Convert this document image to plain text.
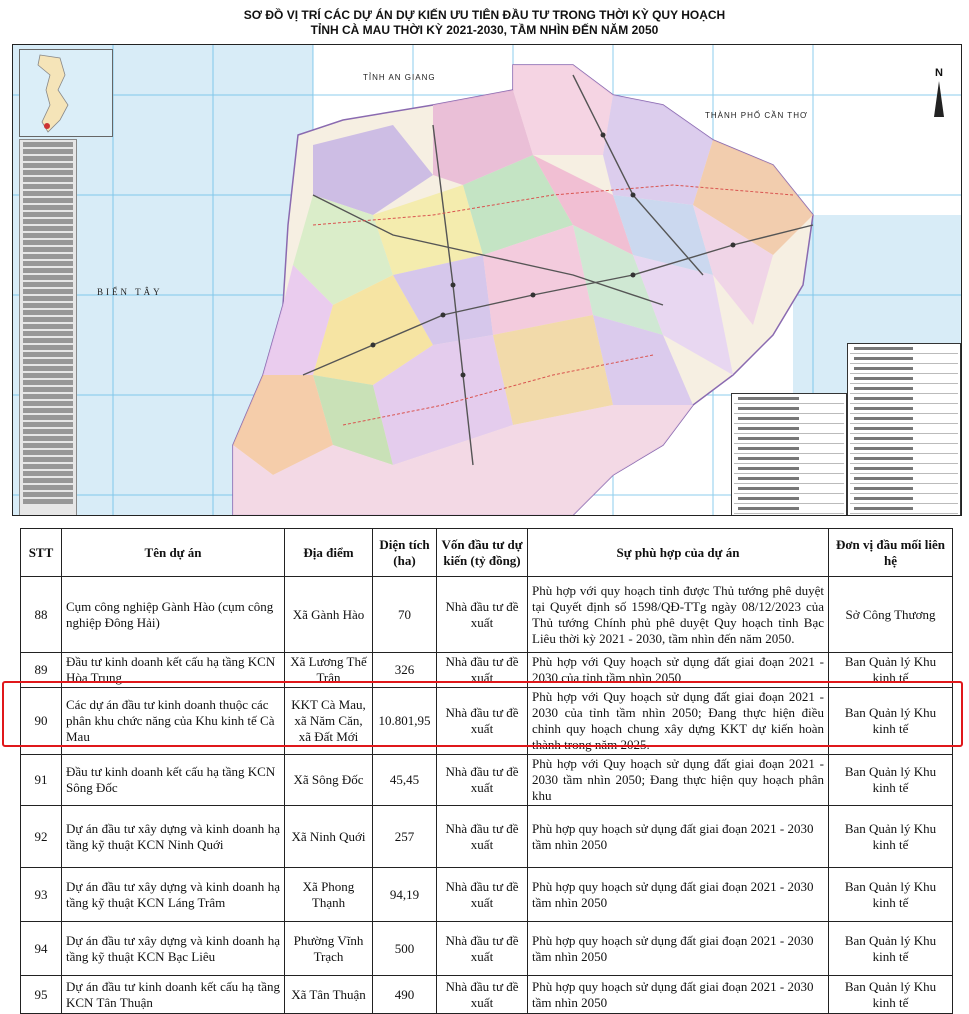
SƠ ĐỒ VỊ TRÍ CÁC DỰ ÁN DỰ KIẾN ƯU TIÊN ĐẦU TƯ TRONG THỜI KỲ QUY HOẠCH
TỈNH CÀ MAU THỜI KỲ 2021-2030, TẦM NHÌN ĐẾN NĂM 2050
TỈNH AN GIANG
THÀNH PHỐ CẦN THƠ
BIỂN TÂY
N
STT	Tên dự án	Địa điểm	Diện tích (ha)	Vốn đầu tư dự kiến (tỷ đồng)	Sự phù hợp của dự án	Đơn vị đầu mối liên hệ
88	Cụm công nghiệp Gành Hào (cụm công nghiệp Đông Hải)	Xã Gành Hào	70	Nhà đầu tư đề xuất	Phù hợp với quy hoạch tỉnh được Thủ tướng phê duyệt tại Quyết định số 1598/QĐ-TTg ngày 08/12/2023 của Thủ tướng Chính phủ phê duyệt Quy hoạch tỉnh Bạc Liêu thời kỳ 2021 - 2030, tầm nhìn đến năm 2050.	Sở Công Thương
89	Đầu tư kinh doanh kết cấu hạ tầng KCN Hòa Trung	Xã Lương Thế Trân	326	Nhà đầu tư đề xuất	Phù hợp với Quy hoạch sử dụng đất giai đoạn 2021 - 2030 của tỉnh tầm nhìn 2050	Ban Quản lý Khu kinh tế
90	Các dự án đầu tư kinh doanh thuộc các phân khu chức năng của Khu kinh tế Cà Mau	KKT Cà Mau, xã Năm Căn, xã Đất Mới	10.801,95	Nhà đầu tư đề xuất	Phù hợp với Quy hoạch sử dụng đất giai đoạn 2021 - 2030 của tỉnh tầm nhìn 2050; Đang thực hiện điều chỉnh quy hoạch chung xây dựng KKT dự kiến hoàn thành trong năm 2025.	Ban Quản lý Khu kinh tế
91	Đầu tư kinh doanh kết cấu hạ tầng KCN Sông Đốc	Xã Sông Đốc	45,45	Nhà đầu tư đề xuất	Phù hợp với Quy hoạch sử dụng đất giai đoạn 2021 - 2030 tầm nhìn 2050; Đang thực hiện quy hoạch phân khu	Ban Quản lý Khu kinh tế
92	Dự án đầu tư xây dựng và kinh doanh hạ tầng kỹ thuật KCN Ninh Quới	Xã Ninh Quới	257	Nhà đầu tư đề xuất	Phù hợp quy hoạch sử dụng đất giai đoạn 2021 - 2030 tầm nhìn 2050	Ban Quản lý Khu kinh tế
93	Dự án đầu tư xây dựng và kinh doanh hạ tầng kỹ thuật KCN Láng Trâm	Xã Phong Thạnh	94,19	Nhà đầu tư đề xuất	Phù hợp quy hoạch sử dụng đất giai đoạn 2021 - 2030 tầm nhìn 2050	Ban Quản lý Khu kinh tế
94	Dự án đầu tư xây dựng và kinh doanh hạ tầng kỹ thuật KCN Bạc Liêu	Phường Vĩnh Trạch	500	Nhà đầu tư đề xuất	Phù hợp quy hoạch sử dụng đất giai đoạn 2021 - 2030 tầm nhìn 2050	Ban Quản lý Khu kinh tế
95	Dự án đầu tư kinh doanh kết cấu hạ tầng KCN Tân Thuận	Xã Tân Thuận	490	Nhà đầu tư đề xuất	Phù hợp quy hoạch sử dụng đất giai đoạn 2021 - 2030 tầm nhìn 2050	Ban Quản lý Khu kinh tế
